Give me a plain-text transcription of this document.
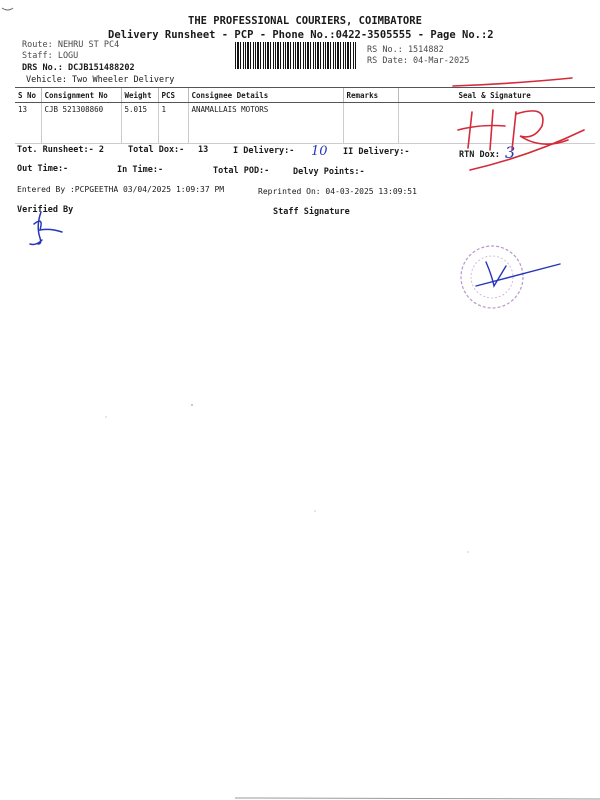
THE PROFESSIONAL COURIERS, COIMBATORE
Delivery Runsheet - PCP - Phone No.:0422-3505555 - Page No.:2
Route: NEHRU ST PC4
Staff: LOGU
DRS No.: DCJB151488202
Vehicle: Two Wheeler Delivery
RS No.: 1514882
RS Date: 04-Mar-2025
S No	Consignment No	Weight	PCS	Consignee Details	Remarks	Seal & Signature
13	CJB 521308860	5.015	1	ANAMALLAIS MOTORS		
Tot. Runsheet:- 2	Total Dox:- 13	I Delivery:- 10 II Delivery:-	RTN Dox: 3
Out Time:-	In Time:-	Total POD:-	Delvy Points:-
Entered By :PCPGEETHA 03/04/2025 1:09:37 PM	Reprinted On: 04-03-2025 13:09:51
Verified By	Staff Signature
